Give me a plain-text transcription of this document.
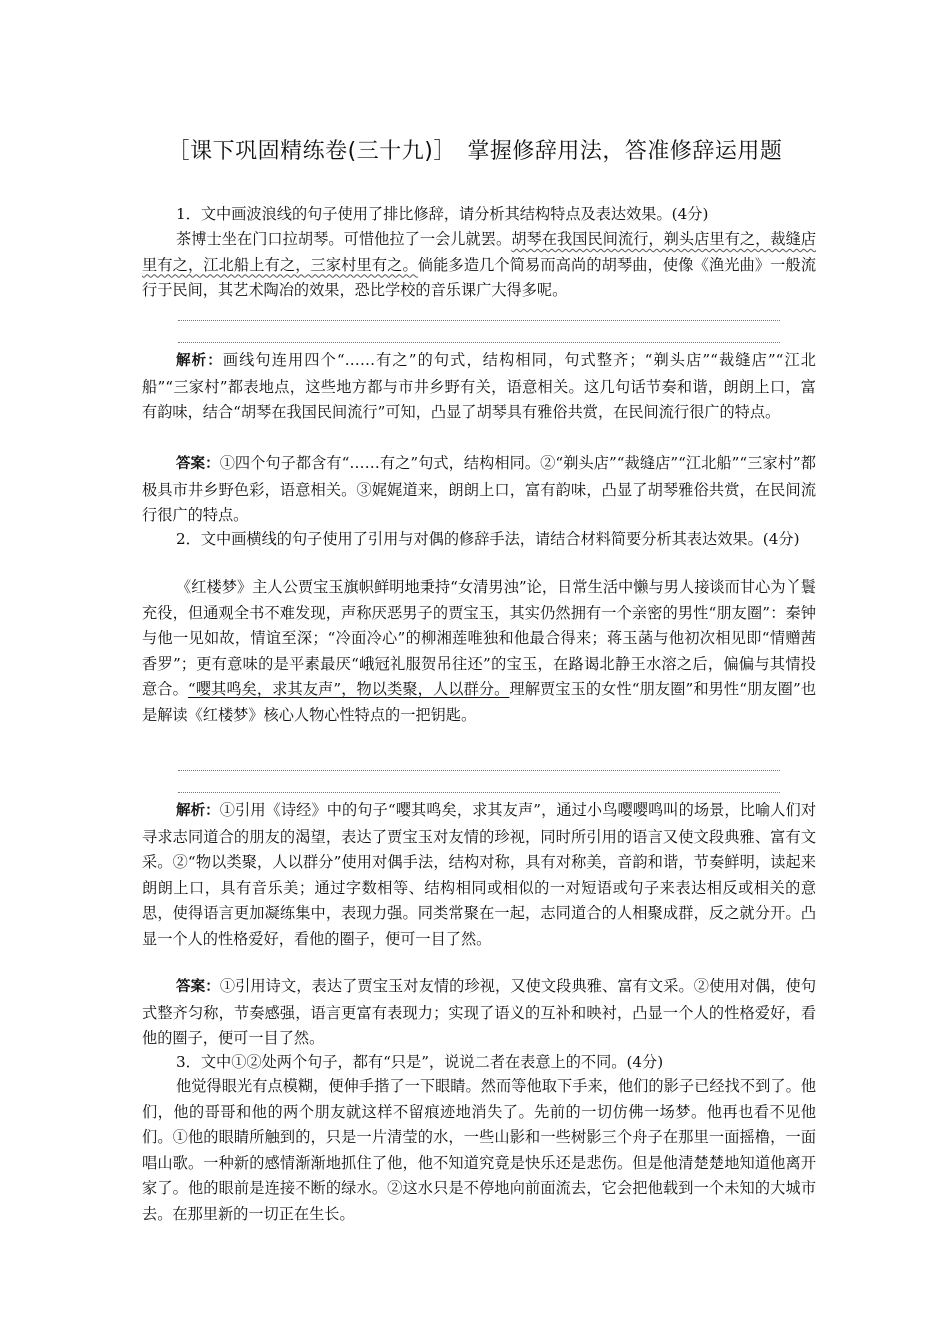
［课下巩固精练卷(三十九)］　掌握修辞用法，答准修辞运用题

1．文中画波浪线的句子使用了排比修辞，请分析其结构特点及表达效果。(4分)

茶博士坐在门口拉胡琴。可惜他拉了一会儿就罢。胡琴在我国民间流行，剃头店里有之，裁缝店里有之，江北船上有之，三家村里有之。倘能多造几个简易而高尚的胡琴曲，使像《渔光曲》一般流行于民间，其艺术陶冶的效果，恐比学校的音乐课广大得多呢。

解析：画线句连用四个“……有之”的句式，结构相同，句式整齐；“剃头店”“裁缝店”“江北船”“三家村”都表地点，这些地方都与市井乡野有关，语意相关。这几句话节奏和谐，朗朗上口，富有韵味，结合“胡琴在我国民间流行”可知，凸显了胡琴具有雅俗共赏，在民间流行很广的特点。

答案：①四个句子都含有“……有之”句式，结构相同。②“剃头店”“裁缝店”“江北船”“三家村”都极具市井乡野色彩，语意相关。③娓娓道来，朗朗上口，富有韵味，凸显了胡琴雅俗共赏，在民间流行很广的特点。

2．文中画横线的句子使用了引用与对偶的修辞手法，请结合材料简要分析其表达效果。(4分)

《红楼梦》主人公贾宝玉旗帜鲜明地秉持“女清男浊”论，日常生活中懒与男人接谈而甘心为丫鬟充役，但通观全书不难发现，声称厌恶男子的贾宝玉，其实仍然拥有一个亲密的男性“朋友圈”：秦钟与他一见如故，情谊至深；“冷面冷心”的柳湘莲唯独和他最合得来；蒋玉菡与他初次相见即“情赠茜香罗”；更有意味的是平素最厌“峨冠礼服贺吊往还”的宝玉，在路谒北静王水溶之后，偏偏与其情投意合。“嘤其鸣矣，求其友声”，物以类聚，人以群分。理解贾宝玉的女性“朋友圈”和男性“朋友圈”也是解读《红楼梦》核心人物心性特点的一把钥匙。

解析：①引用《诗经》中的句子“嘤其鸣矣，求其友声”，通过小鸟嘤嘤鸣叫的场景，比喻人们对寻求志同道合的朋友的渴望，表达了贾宝玉对友情的珍视，同时所引用的语言又使文段典雅、富有文采。②“物以类聚，人以群分”使用对偶手法，结构对称，具有对称美，音韵和谐，节奏鲜明，读起来朗朗上口，具有音乐美；通过字数相等、结构相同或相似的一对短语或句子来表达相反或相关的意思，使得语言更加凝练集中，表现力强。同类常聚在一起，志同道合的人相聚成群，反之就分开。凸显一个人的性格爱好，看他的圈子，便可一目了然。

答案：①引用诗文，表达了贾宝玉对友情的珍视，又使文段典雅、富有文采。②使用对偶，使句式整齐匀称，节奏感强，语言更富有表现力；实现了语义的互补和映衬，凸显一个人的性格爱好，看他的圈子，便可一目了然。

3．文中①②处两个句子，都有“只是”，说说二者在表意上的不同。(4分)

他觉得眼光有点模糊，便伸手揩了一下眼睛。然而等他取下手来，他们的影子已经找不到了。他们，他的哥哥和他的两个朋友就这样不留痕迹地消失了。先前的一切仿佛一场梦。他再也看不见他们。①他的眼睛所触到的，只是一片清莹的水，一些山影和一些树影三个舟子在那里一面摇橹，一面唱山歌。一种新的感情渐渐地抓住了他，他不知道究竟是快乐还是悲伤。但是他清楚楚地知道他离开家了。他的眼前是连接不断的绿水。②这水只是不停地向前面流去，它会把他载到一个未知的大城市去。在那里新的一切正在生长。
